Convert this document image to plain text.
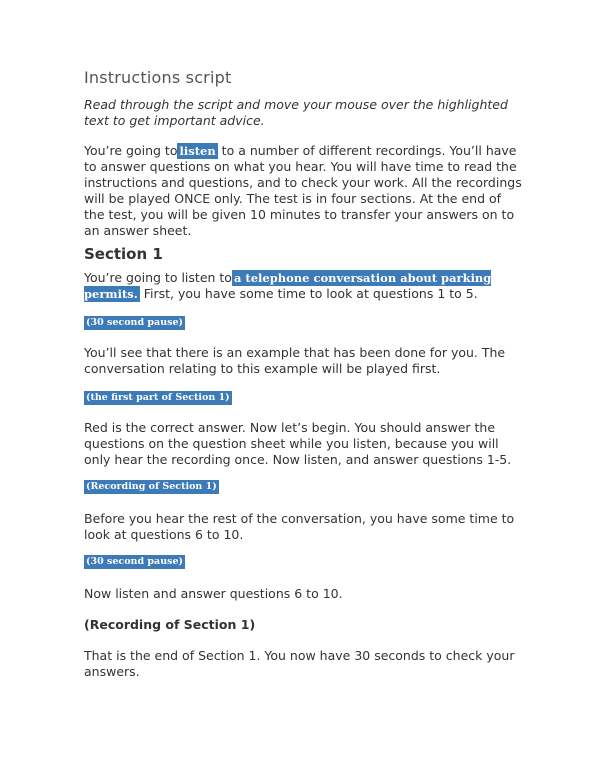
Instructions script
Read through the script and move your mouse over the highlighted text to get important advice.
You’re going to listen to a number of different recordings. You’ll have to answer questions on what you hear. You will have time to read the instructions and questions, and to check your work. All the recordings will be played ONCE only. The test is in four sections. At the end of the test, you will be given 10 minutes to transfer your answers on to an answer sheet.
Section 1
You’re going to listen to a telephone conversation about parking permits. First, you have some time to look at questions 1 to 5.
(30 second pause)
You’ll see that there is an example that has been done for you. The conversation relating to this example will be played first.
(the first part of Section 1)
Red is the correct answer. Now let’s begin. You should answer the questions on the question sheet while you listen, because you will only hear the recording once. Now listen, and answer questions 1-5.
(Recording of Section 1)
Before you hear the rest of the conversation, you have some time to look at questions 6 to 10.
(30 second pause)
Now listen and answer questions 6 to 10.
(Recording of Section 1)
That is the end of Section 1. You now have 30 seconds to check your answers.
